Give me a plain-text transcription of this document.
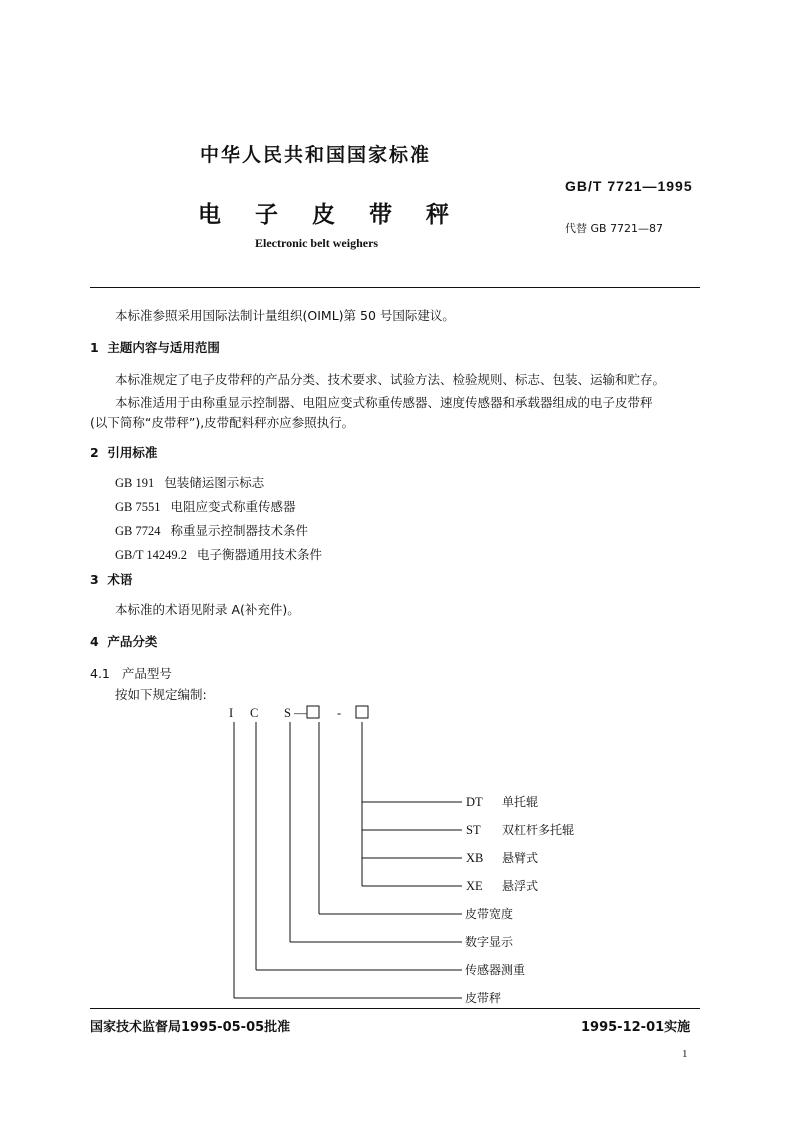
中华人民共和国国家标准
GB/T 7721—1995
电 子 皮 带 秤
代替 GB 7721—87
Electronic belt weighers
本标准参照采用国际法制计量组织(OIML)第 50 号国际建议。
1 主题内容与适用范围
本标准规定了电子皮带秤的产品分类、技术要求、试验方法、检验规则、标志、包装、运输和贮存。
本标准适用于由称重显示控制器、电阻应变式称重传感器、速度传感器和承载器组成的电子皮带秤
(以下简称“皮带秤”),皮带配料秤亦应参照执行。
2 引用标准
GB 191 包装储运图示标志
GB 7551 电阻应变式称重传感器
GB 7724 称重显示控制器技术条件
GB/T 14249.2 电子衡器通用技术条件
3 术语
本标准的术语见附录 A(补充件)。
4 产品分类
4.1 产品型号
按如下规定编制:
I C S — -
DT 单托辊
ST 双杠杆多托辊
XB 悬臂式
XE 悬浮式
皮带宽度
数字显示
传感器测重
皮带秤
国家技术监督局1995-05-05批准	1995-12-01实施
1
